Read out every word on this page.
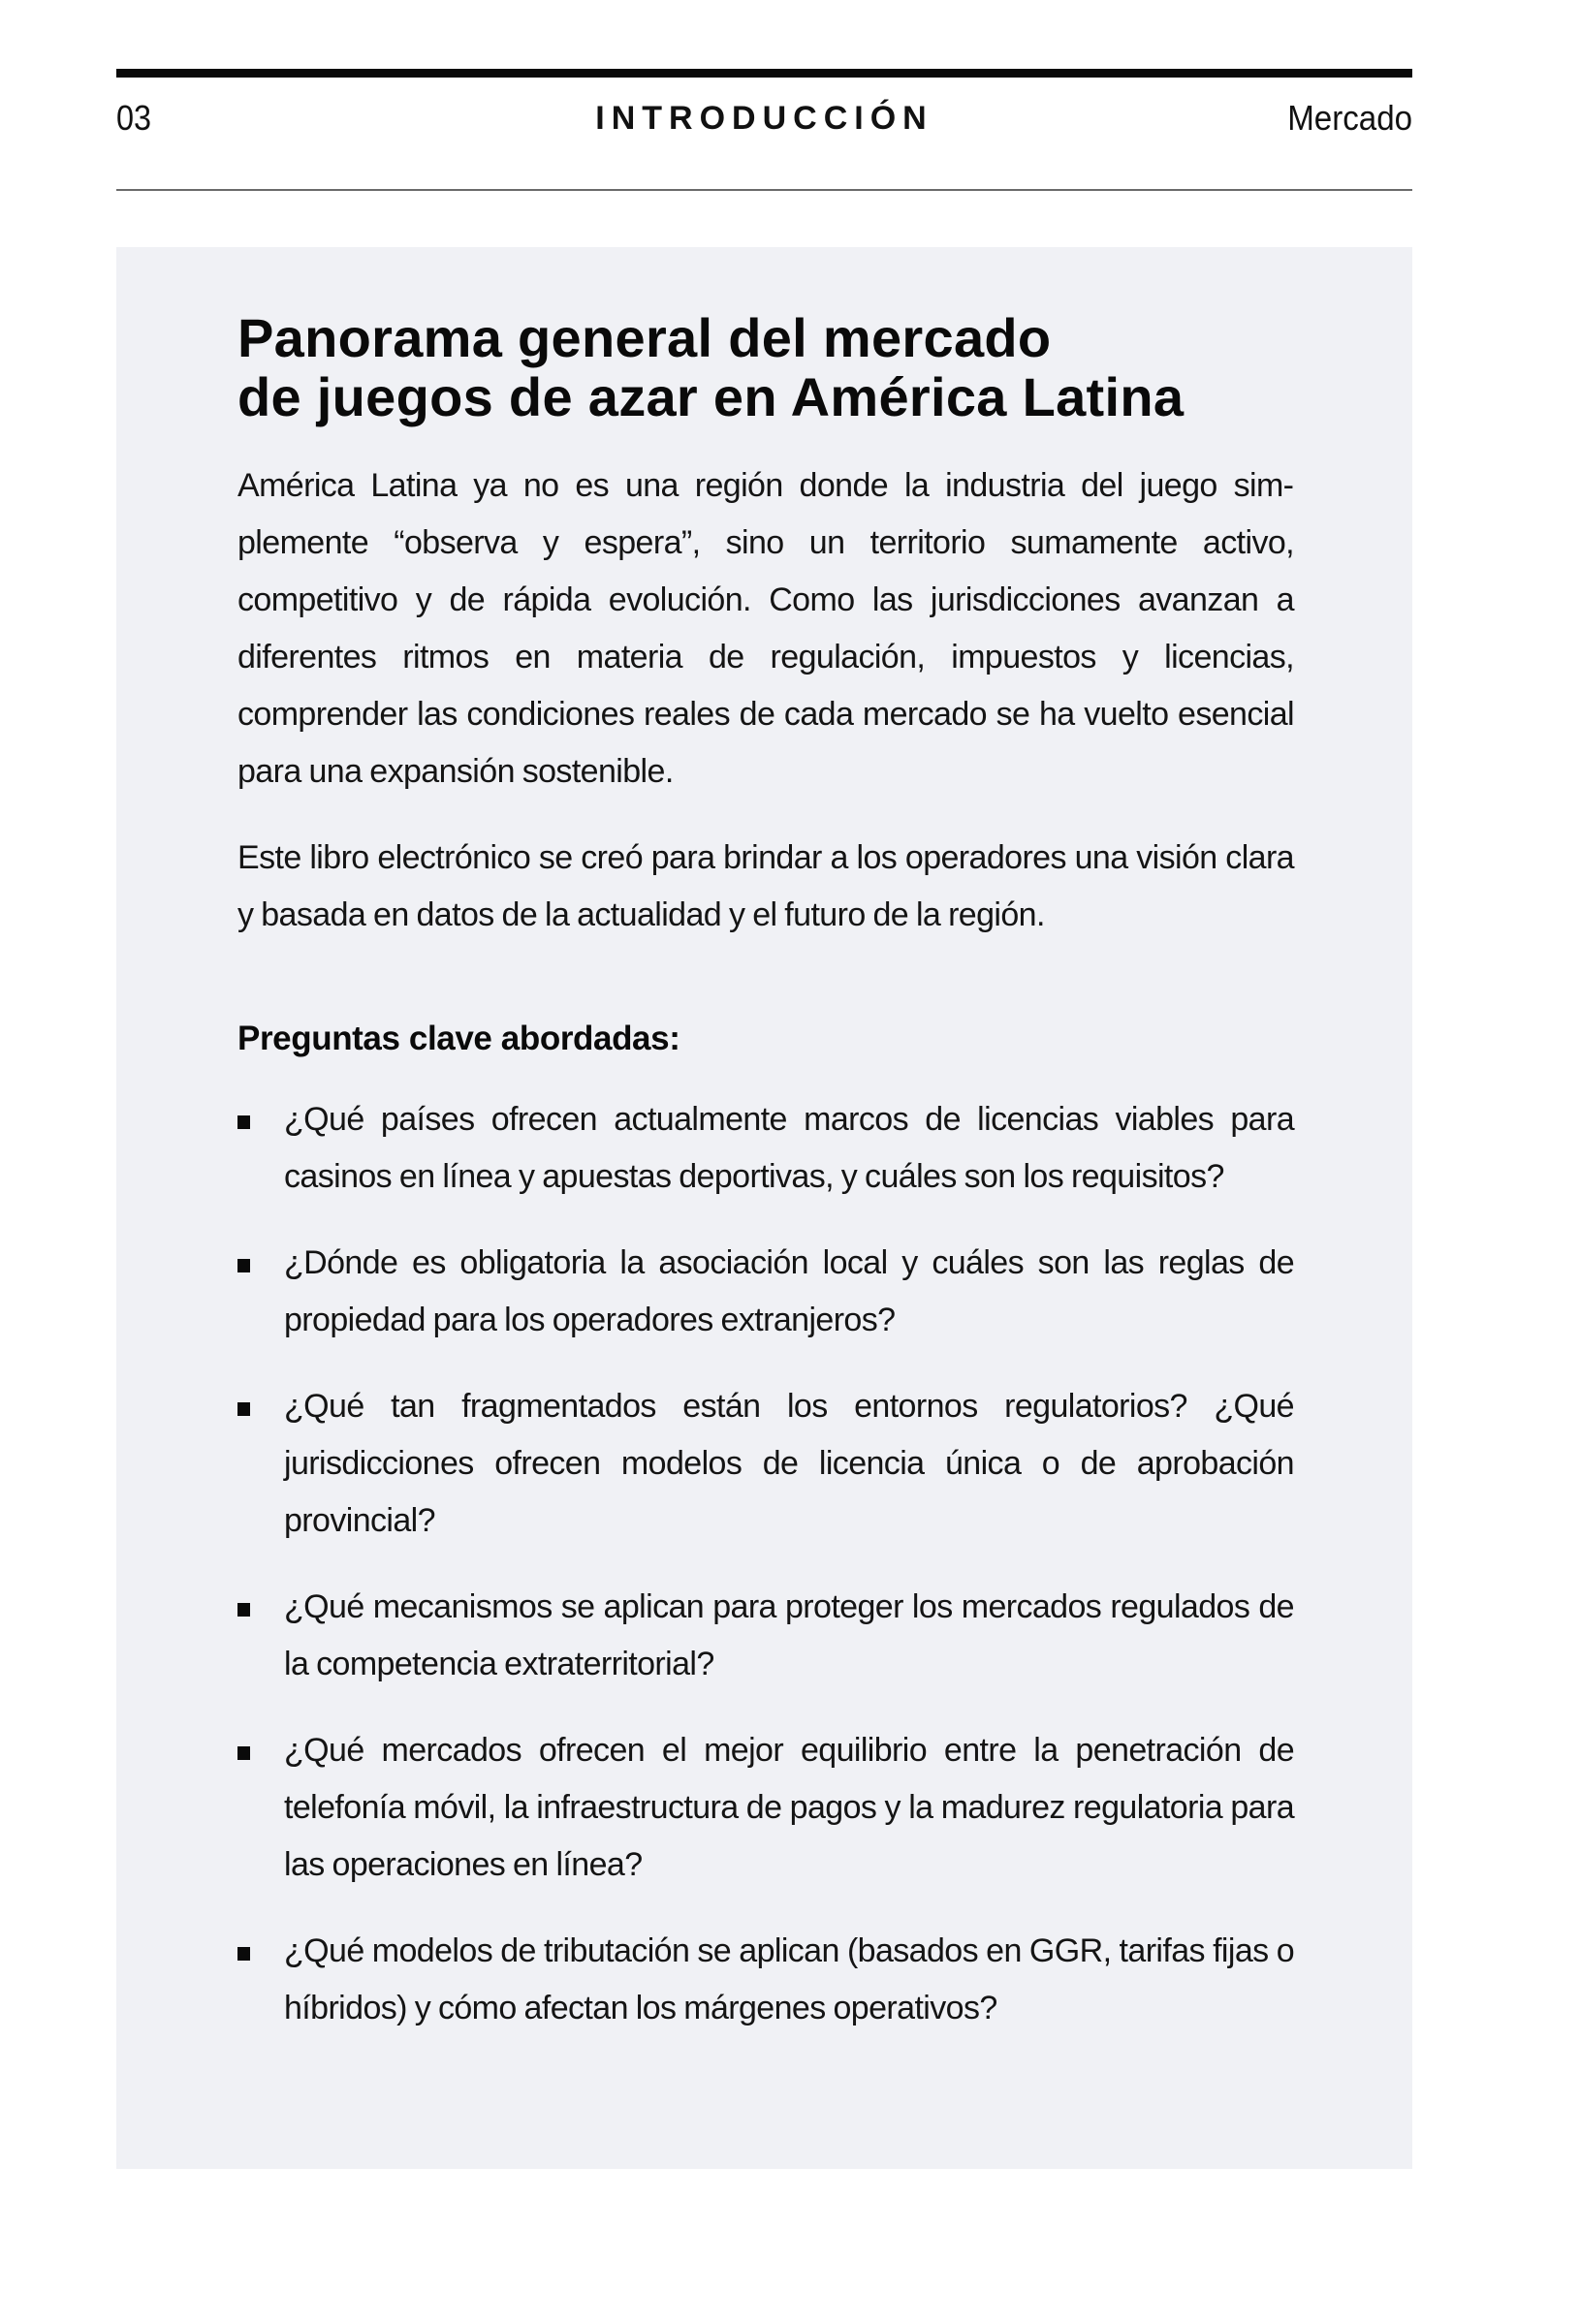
03	INTRODUCCIÓN	Mercado
Panorama general del mercado
de juegos de azar en América Latina

América Latina ya no es una región donde la industria del juego simplemente “observa y espera”, sino un territorio sumamente activo, competitivo y de rápida evolución. Como las jurisdicciones avanzan a diferentes ritmos en materia de regulación, impuestos y licencias, comprender las condiciones reales de cada mercado se ha vuelto esencial para una expansión sostenible.

Este libro electrónico se creó para brindar a los operadores una visión clara y basada en datos de la actualidad y el futuro de la región.

Preguntas clave abordadas:
¿Qué países ofrecen actualmente marcos de licencias viables para casinos en línea y apuestas deportivas, y cuáles son los requisitos?
¿Dónde es obligatoria la asociación local y cuáles son las reglas de propiedad para los operadores extranjeros?
¿Qué tan fragmentados están los entornos regulatorios? ¿Qué jurisdicciones ofrecen modelos de licencia única o de aprobación provincial?
¿Qué mecanismos se aplican para proteger los mercados regulados de la competencia extraterritorial?
¿Qué mercados ofrecen el mejor equilibrio entre la penetración de telefonía móvil, la infraestructura de pagos y la madurez regulatoria para las operaciones en línea?
¿Qué modelos de tributación se aplican (basados en GGR, tarifas fijas o híbridos) y cómo afectan los márgenes operativos?
